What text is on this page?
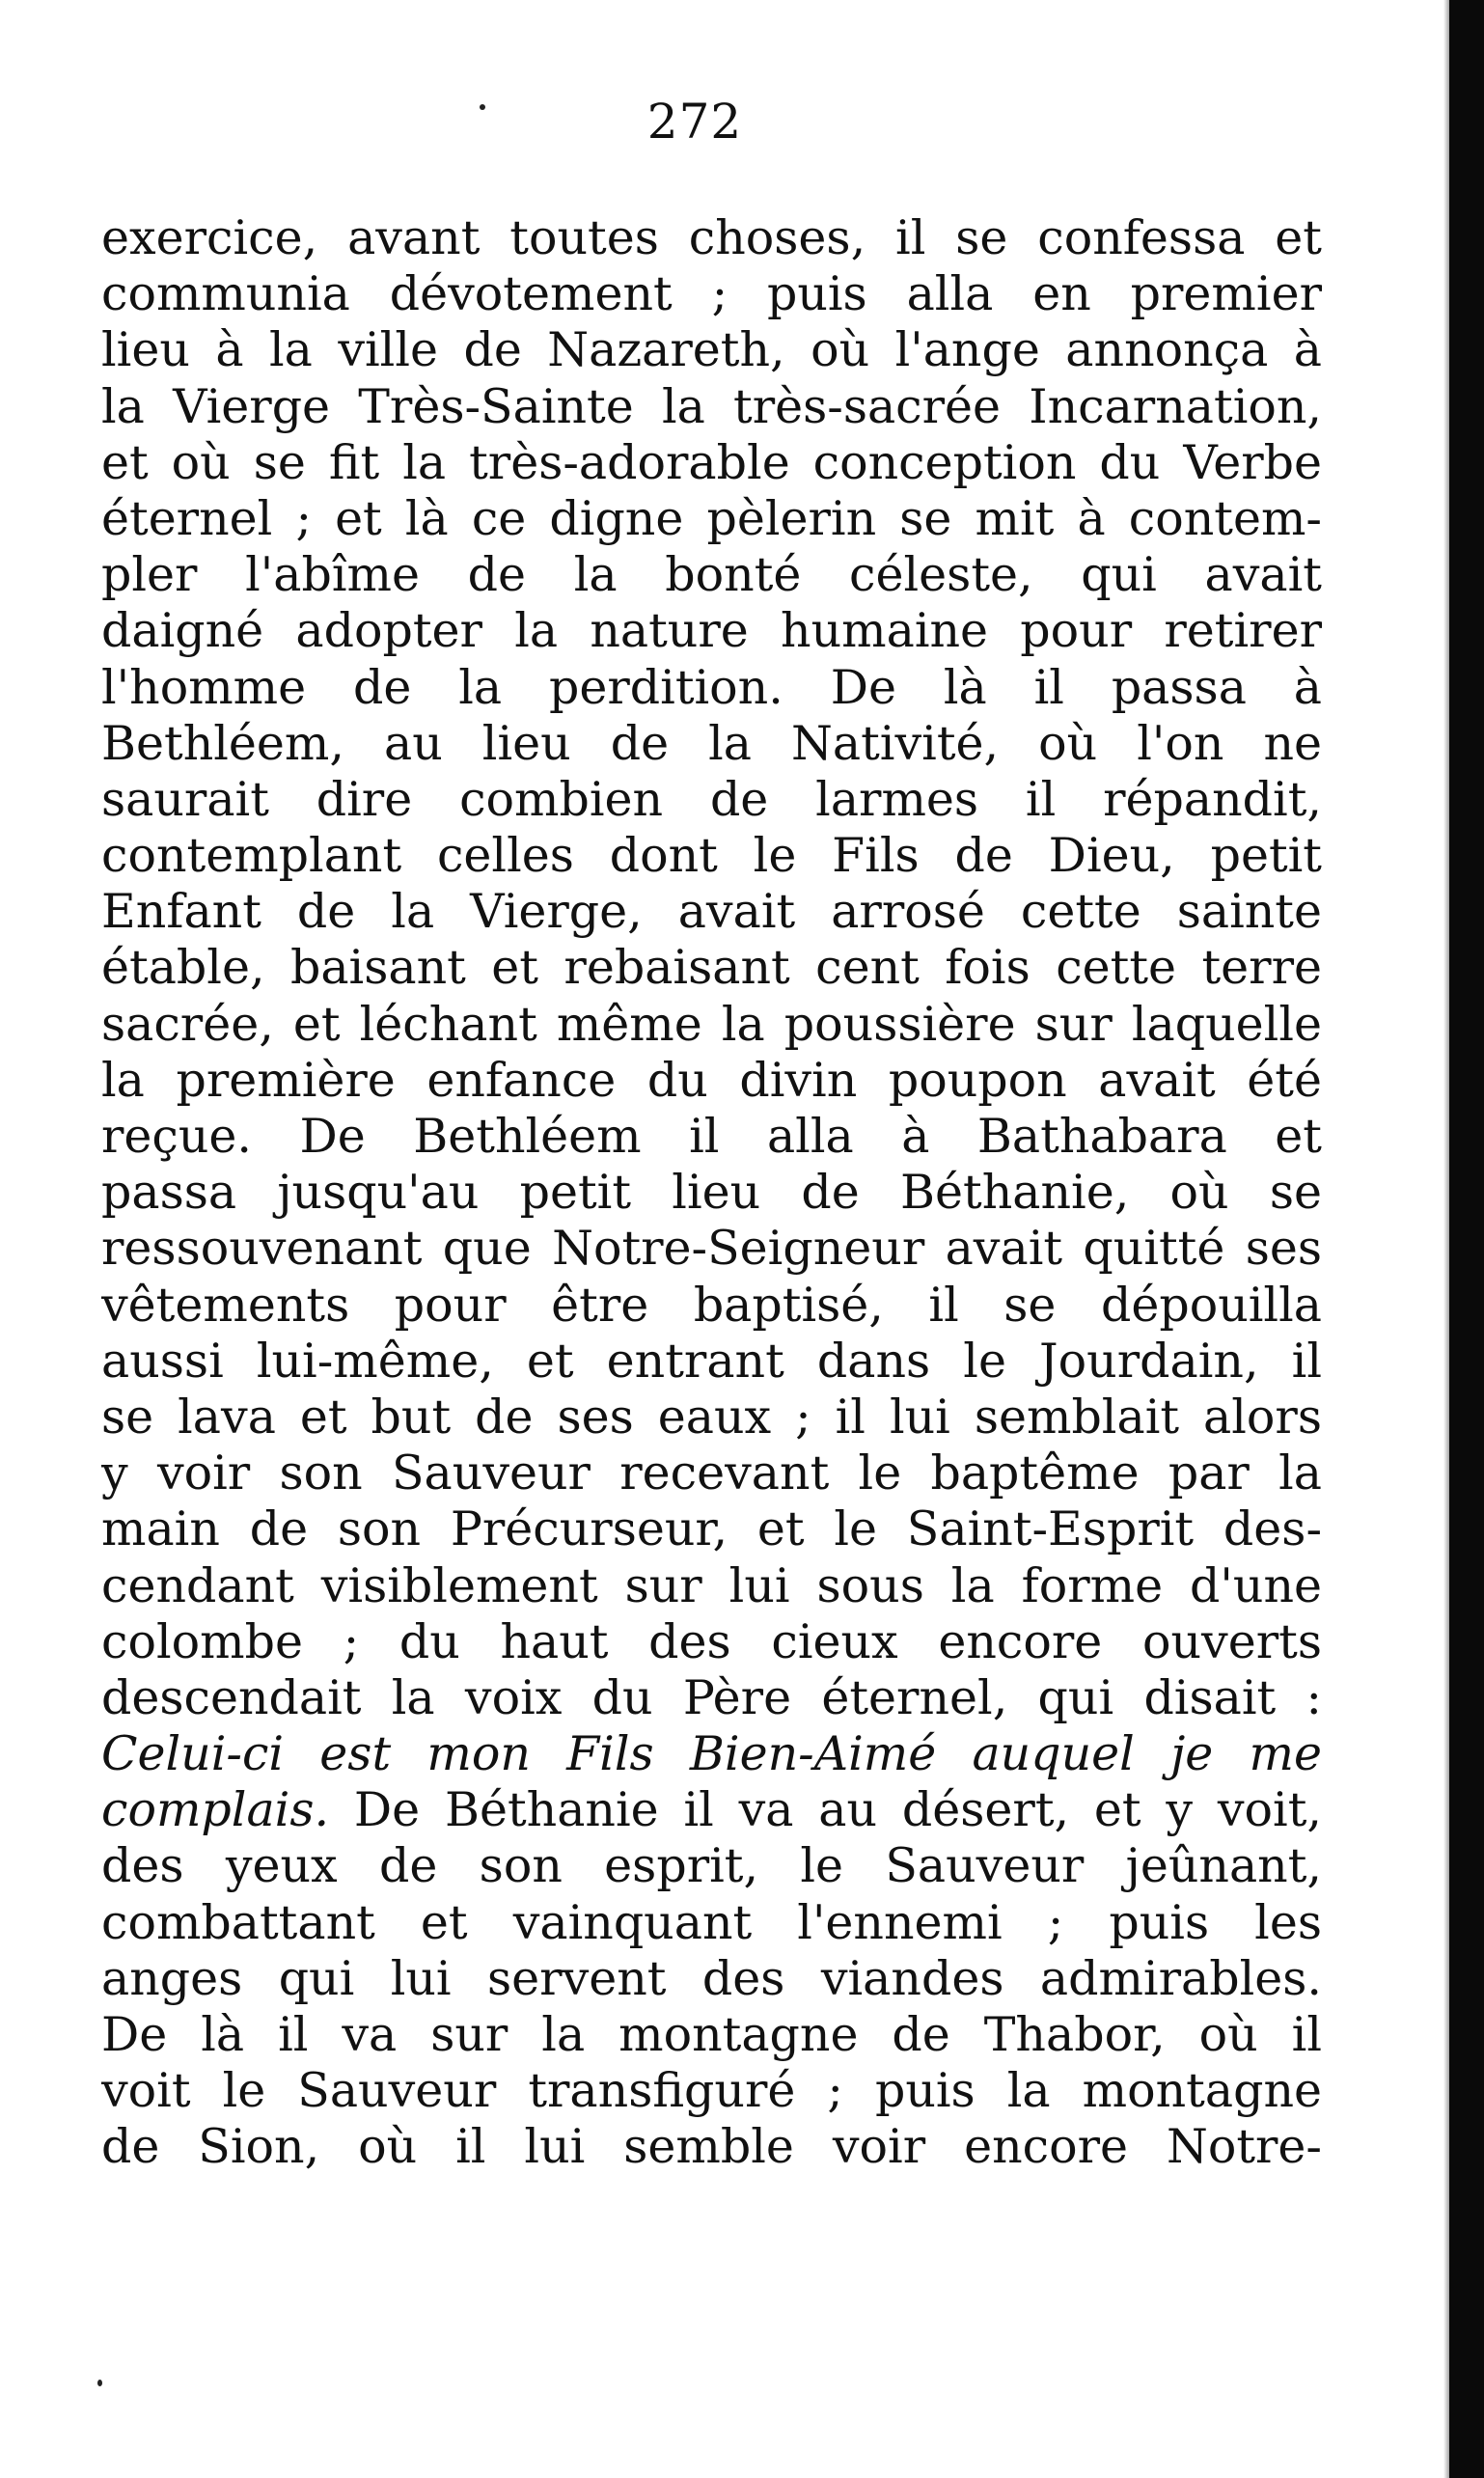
272
exercice, avant toutes choses, il se confessa et
communia dévotement ; puis alla en premier
lieu à la ville de Nazareth, où l'ange annonça à
la Vierge Très-Sainte la très-sacrée Incarnation,
et où se fit la très-adorable conception du Verbe
éternel ; et là ce digne pèlerin se mit à contem-
pler l'abîme de la bonté céleste, qui avait
daigné adopter la nature humaine pour retirer
l'homme de la perdition. De là il passa à
Bethléem, au lieu de la Nativité, où l'on ne
saurait dire combien de larmes il répandit,
contemplant celles dont le Fils de Dieu, petit
Enfant de la Vierge, avait arrosé cette sainte
étable, baisant et rebaisant cent fois cette terre
sacrée, et léchant même la poussière sur laquelle
la première enfance du divin poupon avait été
reçue. De Bethléem il alla à Bathabara et
passa jusqu'au petit lieu de Béthanie, où se
ressouvenant que Notre-Seigneur avait quitté ses
vêtements pour être baptisé, il se dépouilla
aussi lui-même, et entrant dans le Jourdain, il
se lava et but de ses eaux ; il lui semblait alors
y voir son Sauveur recevant le baptême par la
main de son Précurseur, et le Saint-Esprit des-
cendant visiblement sur lui sous la forme d'une
colombe ; du haut des cieux encore ouverts
descendait la voix du Père éternel, qui disait :
Celui-ci est mon Fils Bien-Aimé auquel je me
complais. De Béthanie il va au désert, et y voit,
des yeux de son esprit, le Sauveur jeûnant,
combattant et vainquant l'ennemi ; puis les
anges qui lui servent des viandes admirables.
De là il va sur la montagne de Thabor, où il
voit le Sauveur transfiguré ; puis la montagne
de Sion, où il lui semble voir encore Notre-
